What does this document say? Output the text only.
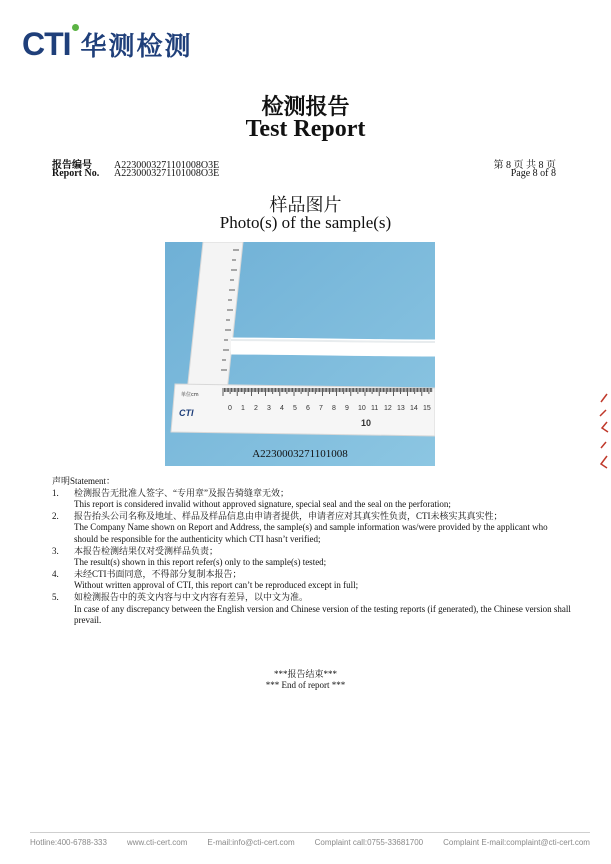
CTI 华测检测
检测报告
Test Report
报告编号 A2230003271101008O3E
Report No. A2230003271101008O3E
第 8 页 共 8 页
Page 8 of 8
样品图片
Photo(s) of the sample(s)
0 1 2 3 4 5 6 7 8 9 10 11 12 13 14 15
10
CTI
单位cm
A2230003271101008

声明Statement：

1. 检测报告无批准人签字、“专用章”及报告骑缝章无效；

This report is considered invalid without approved signature, special seal and the seal on the perforation;

2. 报告抬头公司名称及地址、样品及样品信息由申请者提供，申请者应对其真实性负责，CTI未核实其真实性；

The Company Name shown on Report and Address, the sample(s) and sample information was/were provided by the applicant who should be responsible for the authenticity which CTI hasn’t verified;

3. 本报告检测结果仅对受测样品负责；

The result(s) shown in this report refer(s) only to the sample(s) tested;

4. 未经CTI书面同意，不得部分复制本报告；

Without written approval of CTI, this report can’t be reproduced except in full;

5. 如检测报告中的英文内容与中文内容有差异，以中文为准。

In case of any discrepancy between the English version and Chinese version of the testing reports (if generated), the Chinese version shall prevail.

***报告结束***
*** End of report ***
Hotline:400-6788-333 www.cti-cert.com E-mail:info@cti-cert.com Complaint call:0755-33681700 Complaint E-mail:complaint@cti-cert.com
